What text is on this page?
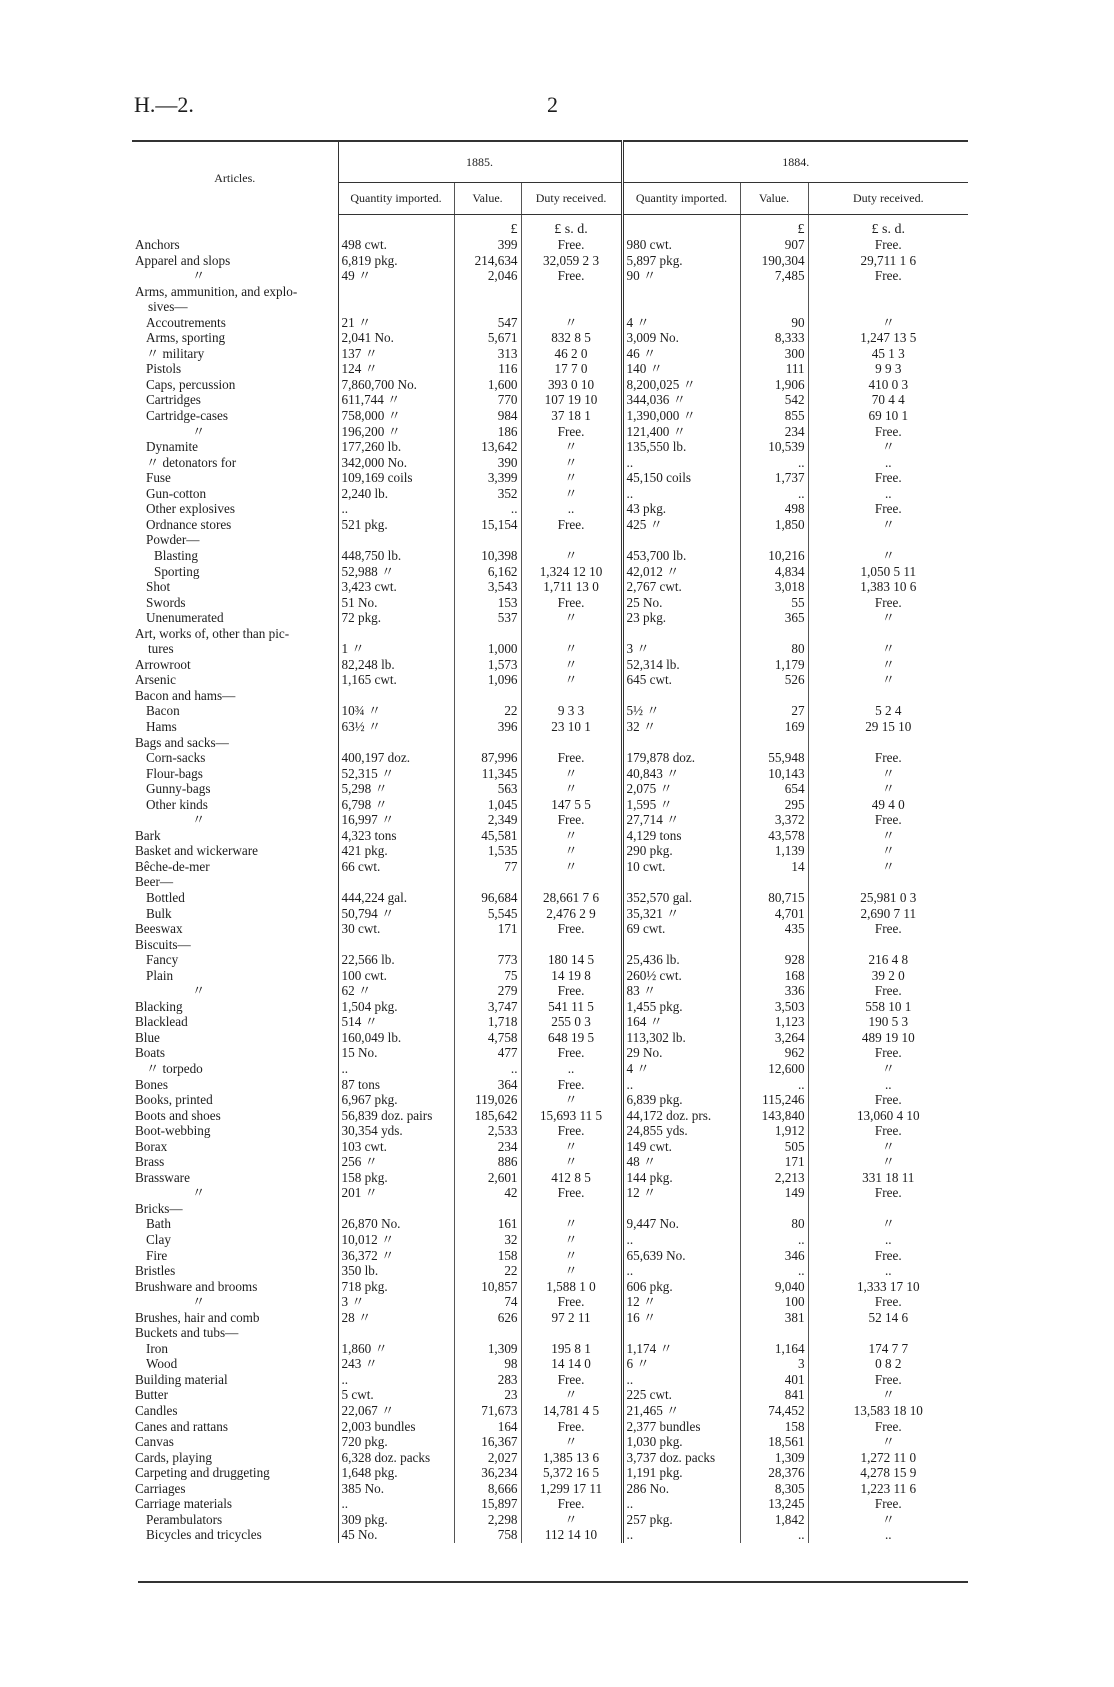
H.—2.	2
Articles.	1885.			1884.		
	Quantity imported.	Value.	Duty received.	Quantity imported.	Value.	Duty received.
		£	£ s. d.		£	£ s. d.
Anchors	498 cwt.	399	Free.	980 cwt.	907	Free.
Apparel and slops	6,819 pkg.	214,634	32,059 2 3	5,897 pkg.	190,304	29,711 1 6
〃	49 〃	2,046	Free.	90 〃	7,485	Free.
Arms, ammunition, and explo-						
sives—						
Accoutrements	21 〃	547	〃	4 〃	90	〃
Arms, sporting	2,041 No.	5,671	832 8 5	3,009 No.	8,333	1,247 13 5
〃 military	137 〃	313	46 2 0	46 〃	300	45 1 3
Pistols	124 〃	116	17 7 0	140 〃	111	9 9 3
Caps, percussion	7,860,700 No.	1,600	393 0 10	8,200,025 〃	1,906	410 0 3
Cartridges	611,744 〃	770	107 19 10	344,036 〃	542	70 4 4
Cartridge-cases	758,000 〃	984	37 18 1	1,390,000 〃	855	69 10 1
〃	196,200 〃	186	Free.	121,400 〃	234	Free.
Dynamite	177,260 lb.	13,642	〃	135,550 lb.	10,539	〃
〃 detonators for	342,000 No.	390	〃	..	..	..
Fuse	109,169 coils	3,399	〃	45,150 coils	1,737	Free.
Gun-cotton	2,240 lb.	352	〃	..	..	..
Other explosives	..	..	..	43 pkg.	498	Free.
Ordnance stores	521 pkg.	15,154	Free.	425 〃	1,850	〃
Powder—						
Blasting	448,750 lb.	10,398	〃	453,700 lb.	10,216	〃
Sporting	52,988 〃	6,162	1,324 12 10	42,012 〃	4,834	1,050 5 11
Shot	3,423 cwt.	3,543	1,711 13 0	2,767 cwt.	3,018	1,383 10 6
Swords	51 No.	153	Free.	25 No.	55	Free.
Unenumerated	72 pkg.	537	〃	23 pkg.	365	〃
Art, works of, other than pic-						
tures	1 〃	1,000	〃	3 〃	80	〃
Arrowroot	82,248 lb.	1,573	〃	52,314 lb.	1,179	〃
Arsenic	1,165 cwt.	1,096	〃	645 cwt.	526	〃
Bacon and hams—						
Bacon	10¾ 〃	22	9 3 3	5½ 〃	27	5 2 4
Hams	63½ 〃	396	23 10 1	32 〃	169	29 15 10
Bags and sacks—						
Corn-sacks	400,197 doz.	87,996	Free.	179,878 doz.	55,948	Free.
Flour-bags	52,315 〃	11,345	〃	40,843 〃	10,143	〃
Gunny-bags	5,298 〃	563	〃	2,075 〃	654	〃
Other kinds	6,798 〃	1,045	147 5 5	1,595 〃	295	49 4 0
〃	16,997 〃	2,349	Free.	27,714 〃	3,372	Free.
Bark	4,323 tons	45,581	〃	4,129 tons	43,578	〃
Basket and wickerware	421 pkg.	1,535	〃	290 pkg.	1,139	〃
Bêche-de-mer	66 cwt.	77	〃	10 cwt.	14	〃
Beer—						
Bottled	444,224 gal.	96,684	28,661 7 6	352,570 gal.	80,715	25,981 0 3
Bulk	50,794 〃	5,545	2,476 2 9	35,321 〃	4,701	2,690 7 11
Beeswax	30 cwt.	171	Free.	69 cwt.	435	Free.
Biscuits—						
Fancy	22,566 lb.	773	180 14 5	25,436 lb.	928	216 4 8
Plain	100 cwt.	75	14 19 8	260½ cwt.	168	39 2 0
〃	62 〃	279	Free.	83 〃	336	Free.
Blacking	1,504 pkg.	3,747	541 11 5	1,455 pkg.	3,503	558 10 1
Blacklead	514 〃	1,718	255 0 3	164 〃	1,123	190 5 3
Blue	160,049 lb.	4,758	648 19 5	113,302 lb.	3,264	489 19 10
Boats	15 No.	477	Free.	29 No.	962	Free.
〃 torpedo	..	..	..	4 〃	12,600	〃
Bones	87 tons	364	Free.	..	..	..
Books, printed	6,967 pkg.	119,026	〃	6,839 pkg.	115,246	Free.
Boots and shoes	56,839 doz. pairs	185,642	15,693 11 5	44,172 doz. prs.	143,840	13,060 4 10
Boot-webbing	30,354 yds.	2,533	Free.	24,855 yds.	1,912	Free.
Borax	103 cwt.	234	〃	149 cwt.	505	〃
Brass	256 〃	886	〃	48 〃	171	〃
Brassware	158 pkg.	2,601	412 8 5	144 pkg.	2,213	331 18 11
〃	201 〃	42	Free.	12 〃	149	Free.
Bricks—						
Bath	26,870 No.	161	〃	9,447 No.	80	〃
Clay	10,012 〃	32	〃	..	..	..
Fire	36,372 〃	158	〃	65,639 No.	346	Free.
Bristles	350 lb.	22	〃	..	..	..
Brushware and brooms	718 pkg.	10,857	1,588 1 0	606 pkg.	9,040	1,333 17 10
〃	3 〃	74	Free.	12 〃	100	Free.
Brushes, hair and comb	28 〃	626	97 2 11	16 〃	381	52 14 6
Buckets and tubs—						
Iron	1,860 〃	1,309	195 8 1	1,174 〃	1,164	174 7 7
Wood	243 〃	98	14 14 0	6 〃	3	0 8 2
Building material	..	283	Free.	..	401	Free.
Butter	5 cwt.	23	〃	225 cwt.	841	〃
Candles	22,067 〃	71,673	14,781 4 5	21,465 〃	74,452	13,583 18 10
Canes and rattans	2,003 bundles	164	Free.	2,377 bundles	158	Free.
Canvas	720 pkg.	16,367	〃	1,030 pkg.	18,561	〃
Cards, playing	6,328 doz. packs	2,027	1,385 13 6	3,737 doz. packs	1,309	1,272 11 0
Carpeting and druggeting	1,648 pkg.	36,234	5,372 16 5	1,191 pkg.	28,376	4,278 15 9
Carriages	385 No.	8,666	1,299 17 11	286 No.	8,305	1,223 11 6
Carriage materials	..	15,897	Free.	..	13,245	Free.
Perambulators	309 pkg.	2,298	〃	257 pkg.	1,842	〃
Bicycles and tricycles	45 No.	758	112 14 10	..	..	..
